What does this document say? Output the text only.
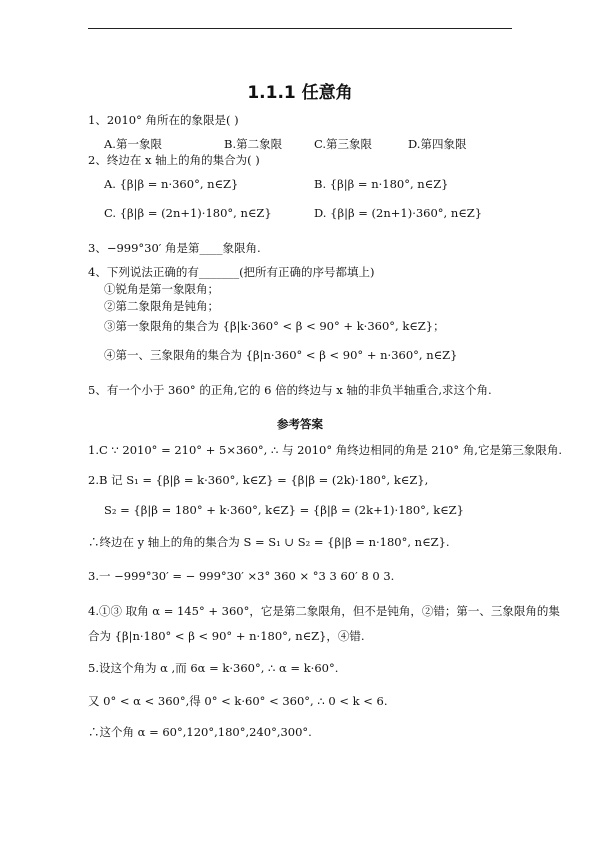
1.1.1 任意角
1、2010° 角所在的象限是( )
A.第一象限	B.第二象限	C.第三象限	D.第四象限
2、终边在 x 轴上的角的集合为( )
A. {β|β = n·360°, n∈Z}	B. {β|β = n·180°, n∈Z}
C. {β|β = (2n+1)·180°, n∈Z}	D. {β|β = (2n+1)·360°, n∈Z}
3、−999°30′ 角是第____象限角.
4、下列说法正确的有_______(把所有正确的序号都填上)
①锐角是第一象限角；
②第二象限角是钝角；
③第一象限角的集合为 {β|k·360° < β < 90° + k·360°, k∈Z}；
④第一、三象限角的集合为 {β|n·360° < β < 90° + n·360°, n∈Z}
5、有一个小于 360° 的正角,它的 6 倍的终边与 x 轴的非负半轴重合,求这个角.
参考答案
1.C ∵ 2010° = 210° + 5×360°, ∴ 与 2010° 角终边相同的角是 210° 角,它是第三象限角.
2.B 记 S₁ = {β|β = k·360°, k∈Z} = {β|β = (2k)·180°, k∈Z},
S₂ = {β|β = 180° + k·360°, k∈Z} = {β|β = (2k+1)·180°, k∈Z}
∴终边在 y 轴上的角的集合为 S = S₁ ∪ S₂ = {β|β = n·180°, n∈Z}.
3.一 −999°30′ = − 999°30′ ×3° 360 × °3 3 60′ 8 0 3.
4.①③ 取角 α = 145° + 360°，它是第二象限角，但不是钝角，②错；第一、三象限角的集
合为 {β|n·180° < β < 90° + n·180°, n∈Z}，④错.
5.设这个角为 α ,而 6α = k·360°, ∴ α = k·60°.
又 0° < α < 360°,得 0° < k·60° < 360°, ∴ 0 < k < 6.
∴这个角 α = 60°,120°,180°,240°,300°.
